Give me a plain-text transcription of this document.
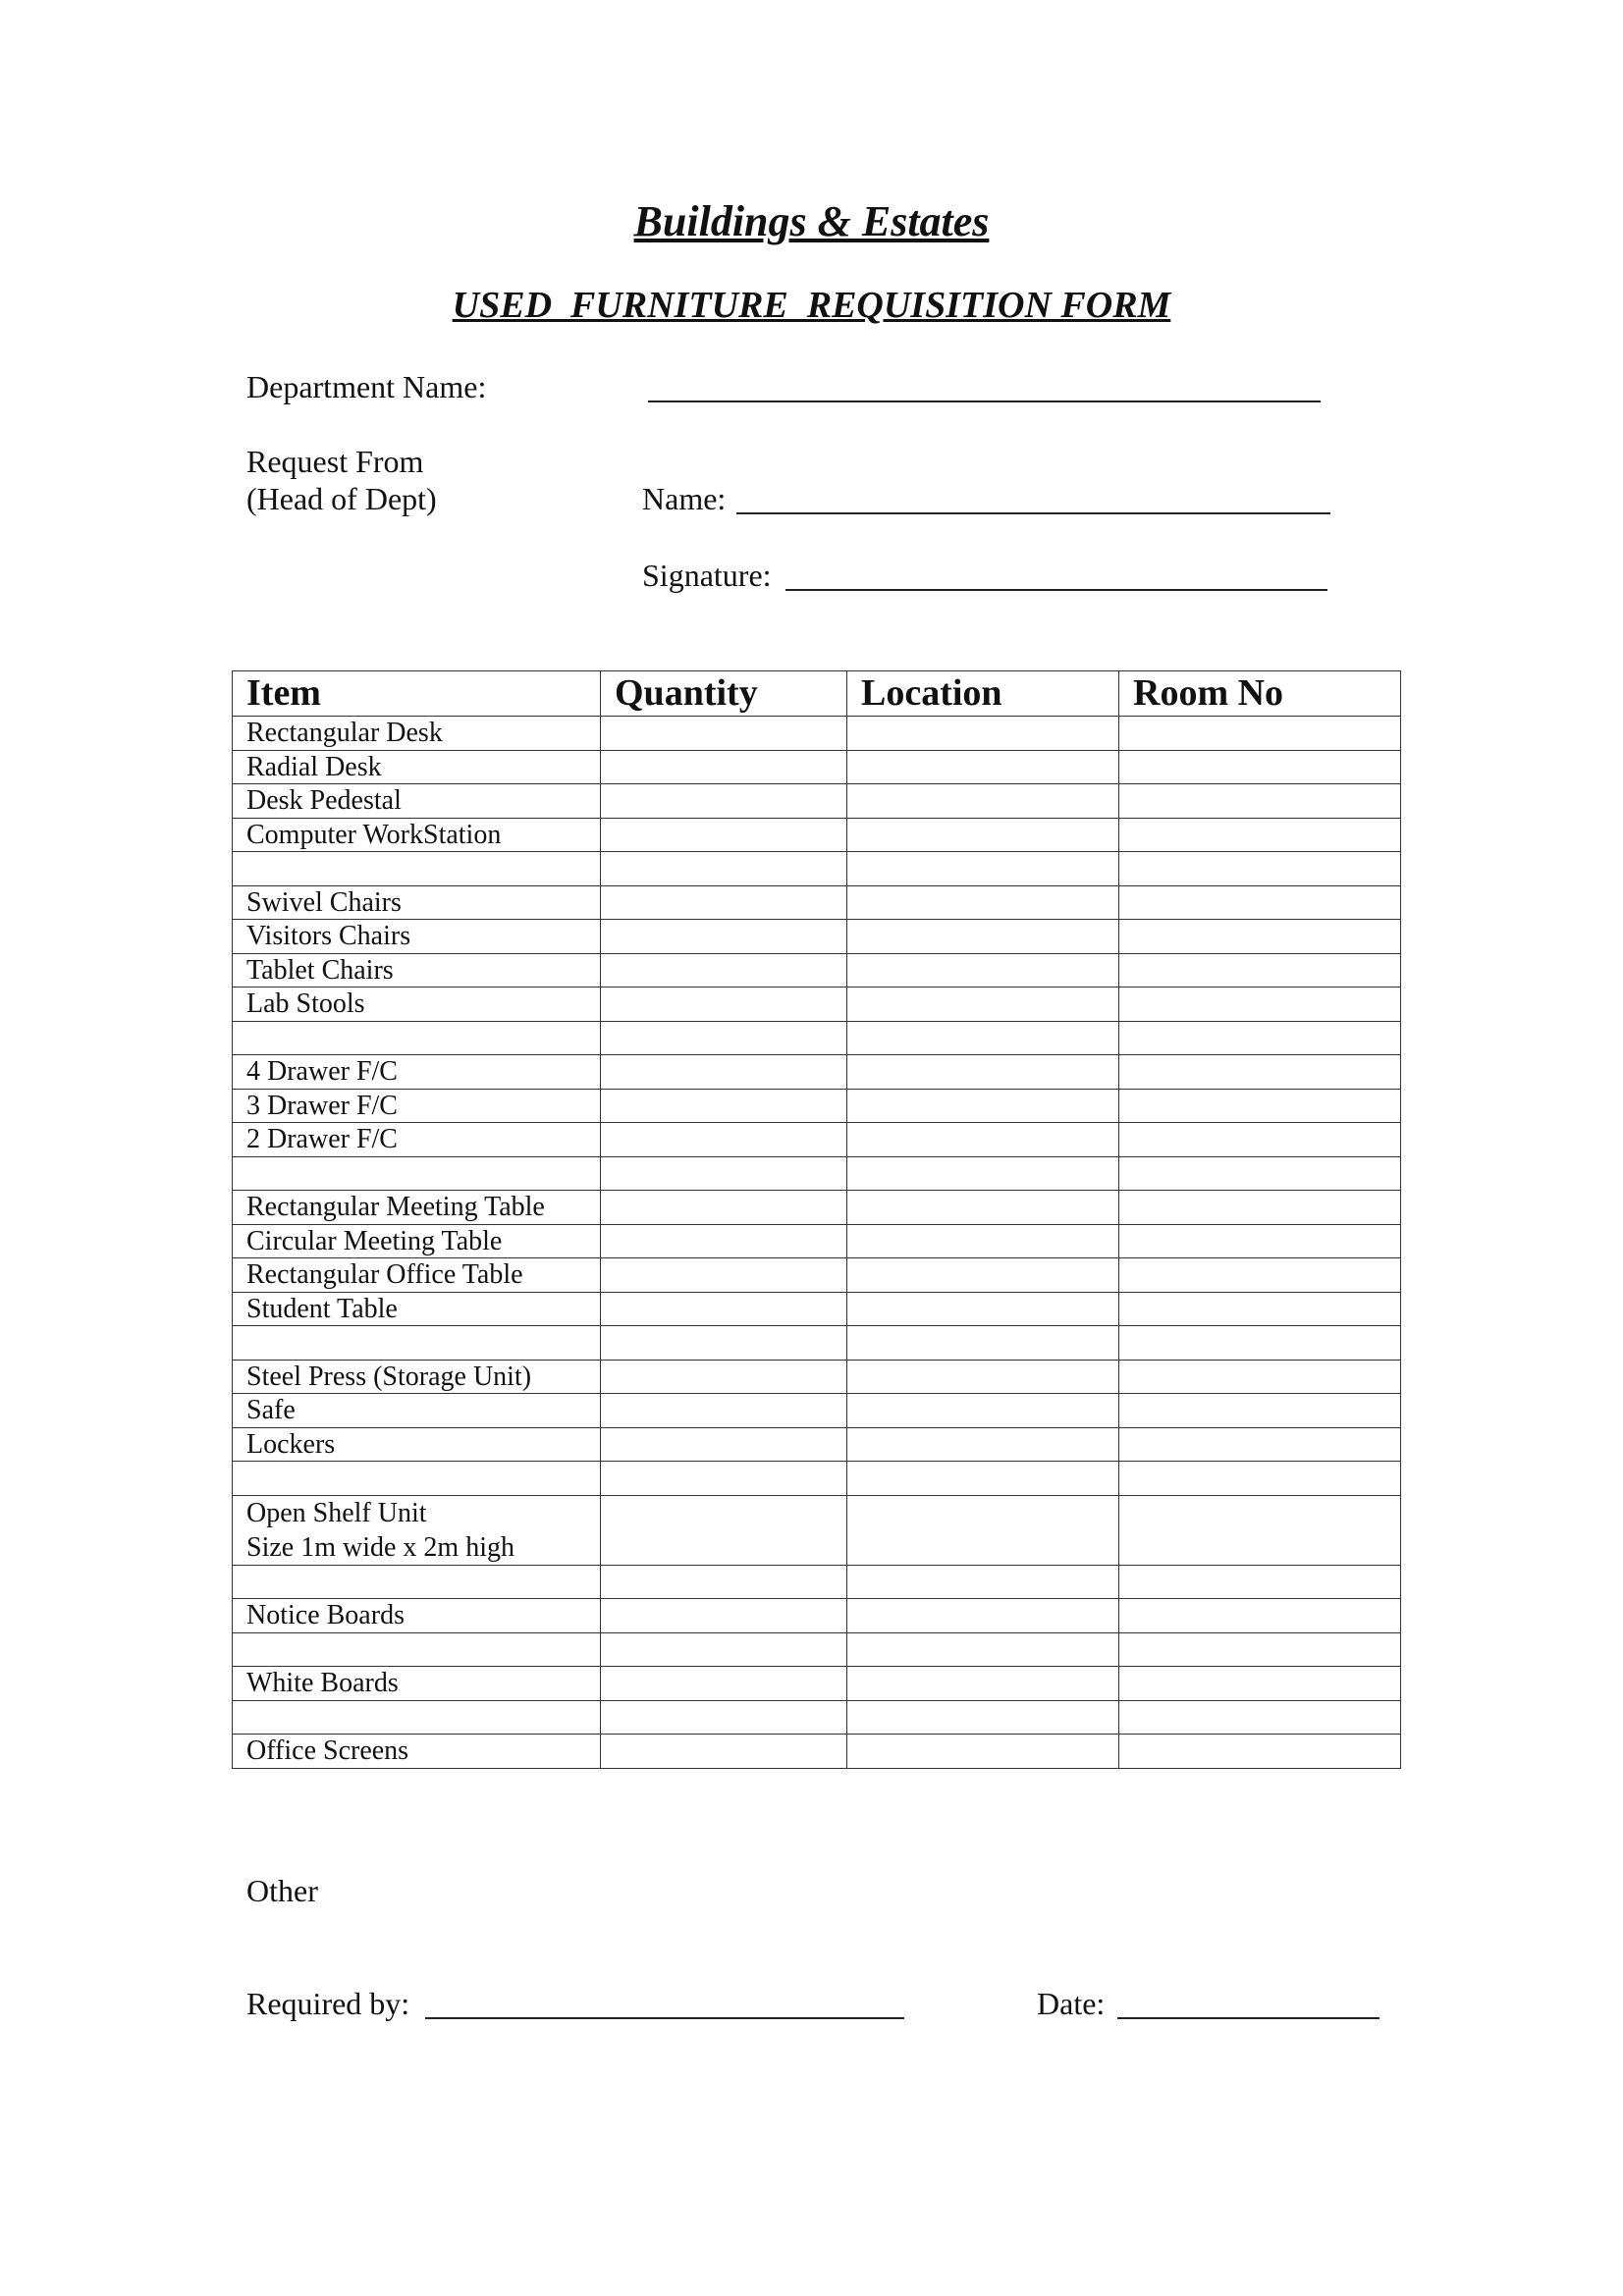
Buildings & Estates
USED  FURNITURE  REQUISITION FORM
Department Name:
Request From
(Head of Dept)	Name:
Signature:
Item	Quantity	Location	Room No
Rectangular Desk			
Radial Desk			
Desk Pedestal			
Computer WorkStation			

Swivel Chairs			
Visitors Chairs			
Tablet Chairs			
Lab Stools			

4 Drawer F/C			
3 Drawer F/C			
2 Drawer F/C			

Rectangular Meeting Table			
Circular Meeting Table			
Rectangular Office Table			
Student Table			

Steel Press (Storage Unit)			
Safe			
Lockers			

Open Shelf Unit
Size 1m wide x 2m high			

Notice Boards			

White Boards			

Office Screens			
Other
Required by:	Date:
